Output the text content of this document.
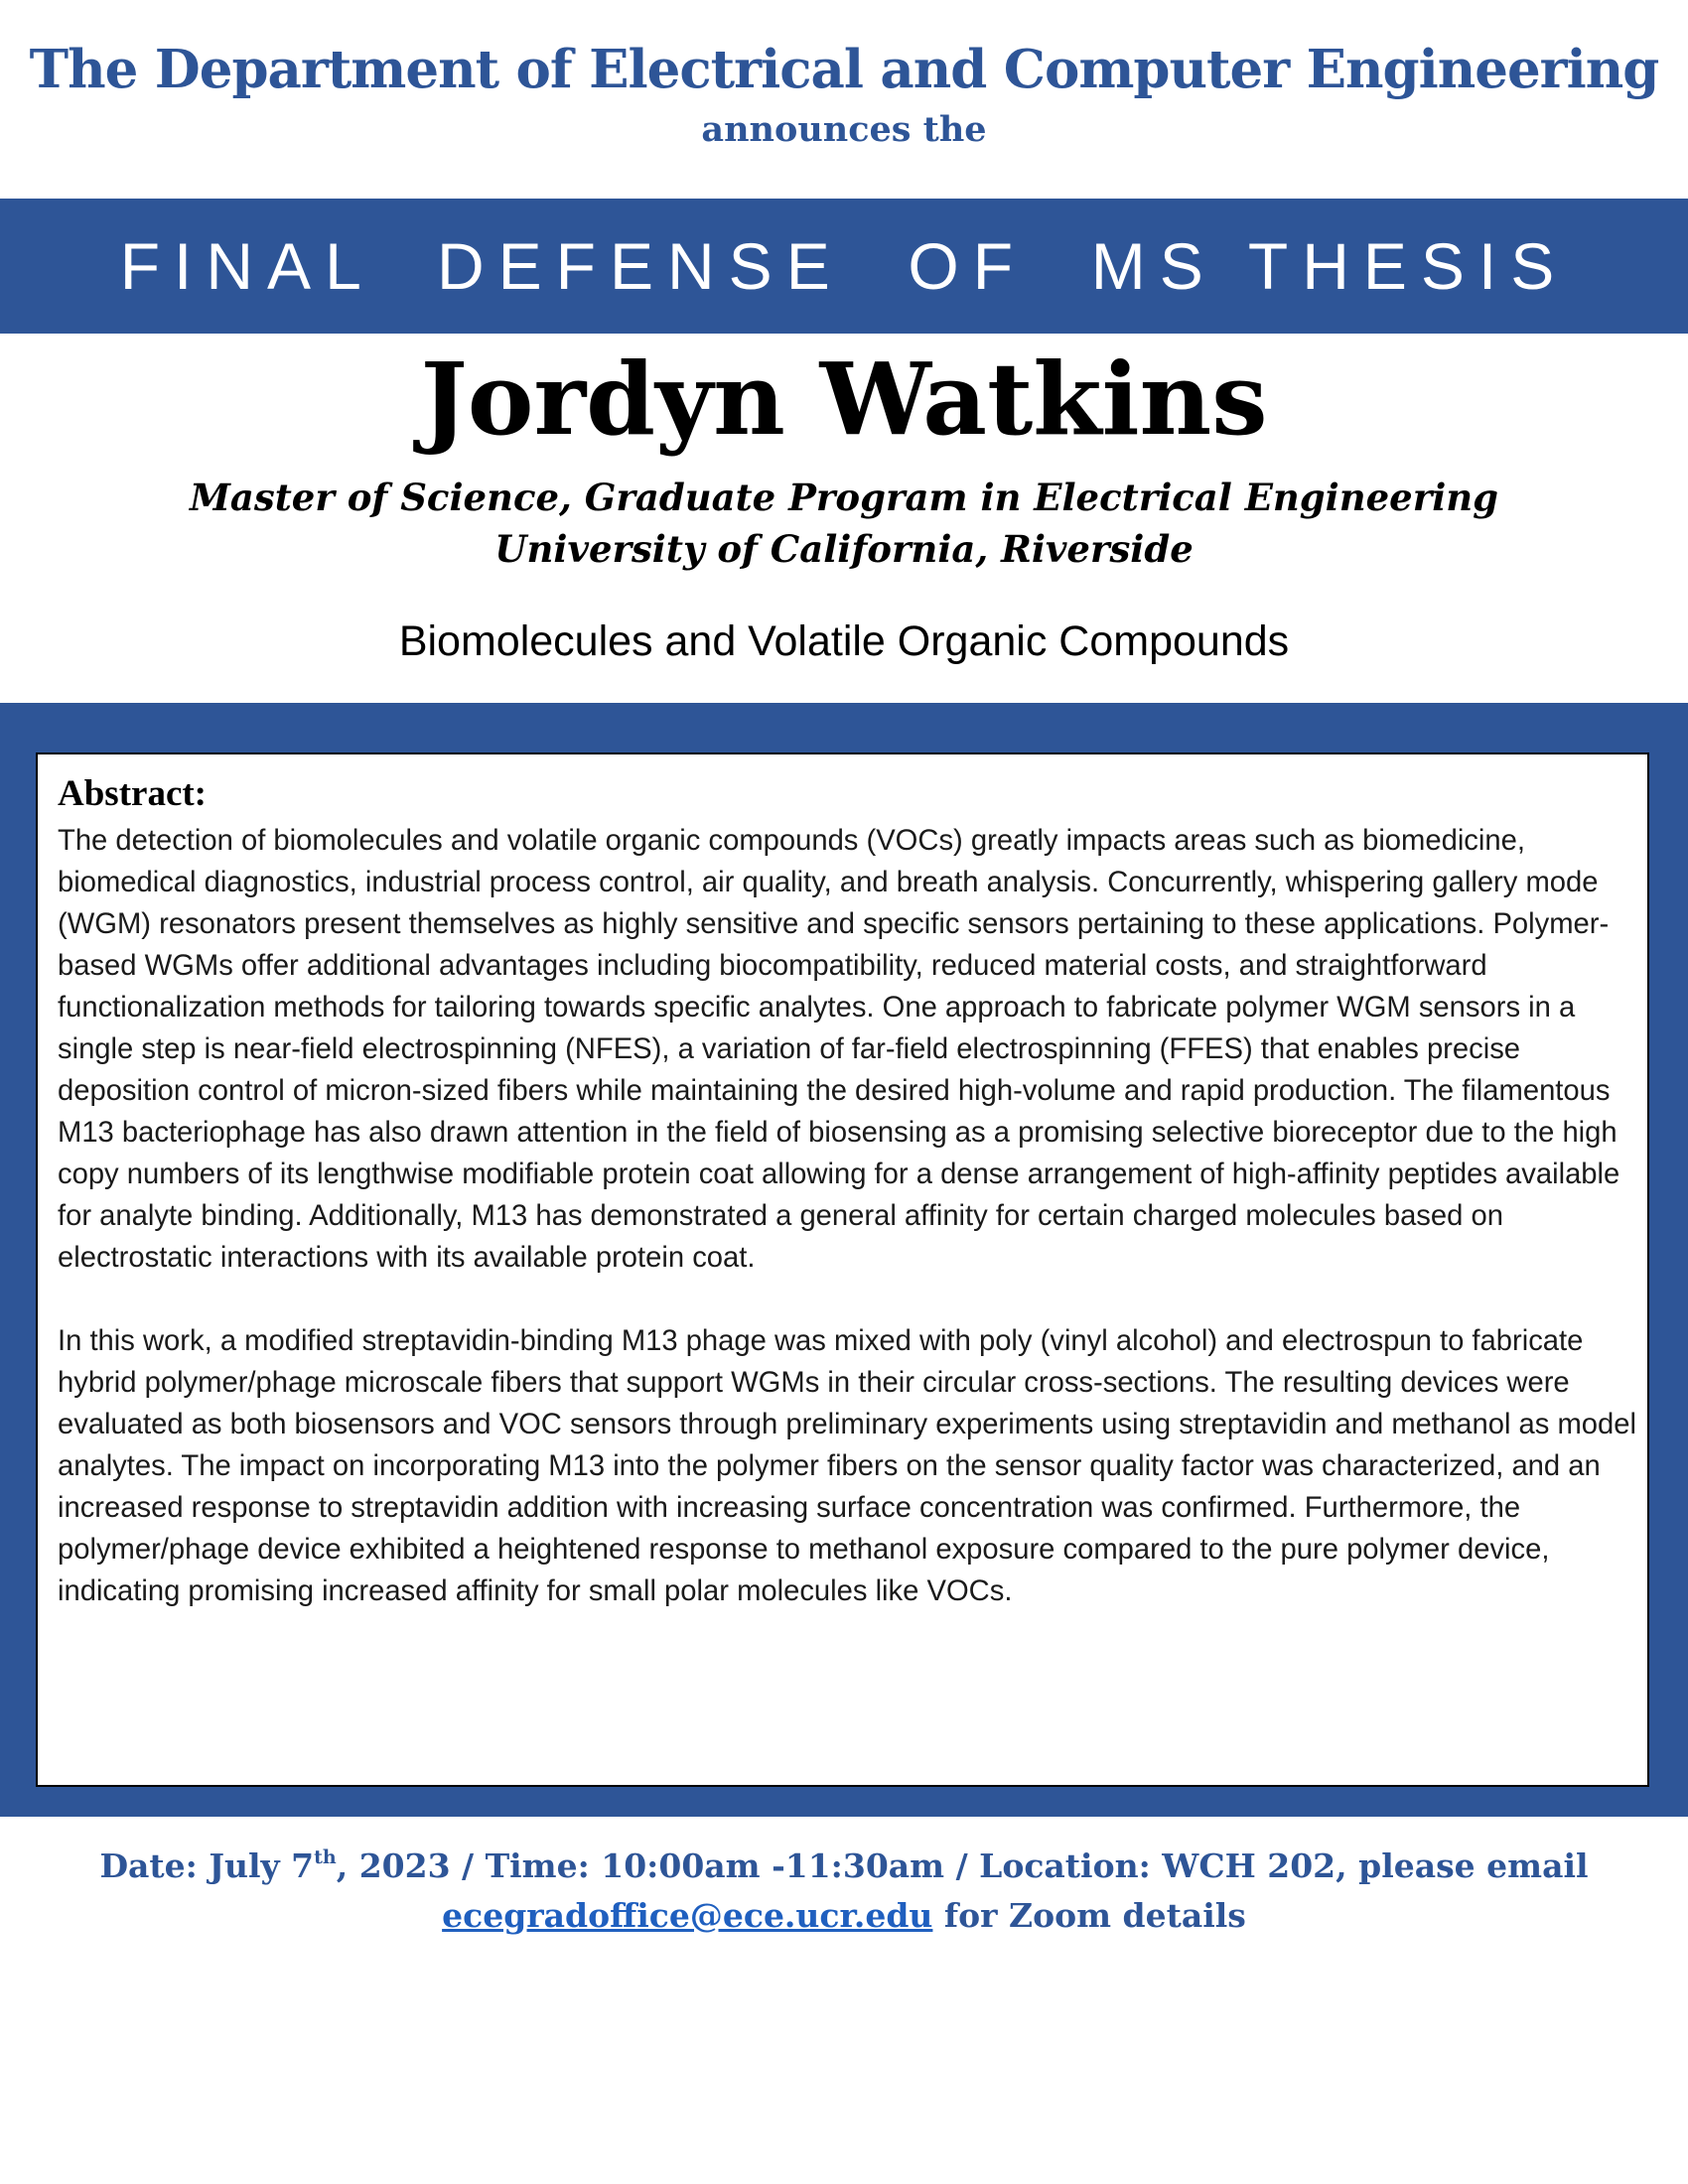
The Department of Electrical and Computer Engineering
announces the
FINAL  DEFENSE  OF  MS THESIS
Jordyn Watkins
Master of Science, Graduate Program in Electrical Engineering
University of California, Riverside
Biomolecules and Volatile Organic Compounds
Abstract:

The detection of biomolecules and volatile organic compounds (VOCs) greatly impacts areas such as biomedicine, biomedical diagnostics, industrial process control, air quality, and breath analysis. Concurrently, whispering gallery mode (WGM) resonators present themselves as highly sensitive and specific sensors pertaining to these applications. Polymer-based WGMs offer additional advantages including biocompatibility, reduced material costs, and straightforward functionalization methods for tailoring towards specific analytes. One approach to fabricate polymer WGM sensors in a single step is near-field electrospinning (NFES), a variation of far-field electrospinning (FFES) that enables precise deposition control of micron-sized fibers while maintaining the desired high-volume and rapid production. The filamentous M13 bacteriophage has also drawn attention in the field of biosensing as a promising selective bioreceptor due to the high copy numbers of its lengthwise modifiable protein coat allowing for a dense arrangement of high-affinity peptides available for analyte binding. Additionally, M13 has demonstrated a general affinity for certain charged molecules based on electrostatic interactions with its available protein coat.

In this work, a modified streptavidin-binding M13 phage was mixed with poly (vinyl alcohol) and electrospun to fabricate hybrid polymer/phage microscale fibers that support WGMs in their circular cross-sections. The resulting devices were evaluated as both biosensors and VOC sensors through preliminary experiments using streptavidin and methanol as model analytes. The impact on incorporating M13 into the polymer fibers on the sensor quality factor was characterized, and an increased response to streptavidin addition with increasing surface concentration was confirmed. Furthermore, the polymer/phage device exhibited a heightened response to methanol exposure compared to the pure polymer device, indicating promising increased affinity for small polar molecules like VOCs.

Date: July 7th, 2023 / Time: 10:00am -11:30am / Location: WCH 202, please email
ecegradoffice@ece.ucr.edu for Zoom details
